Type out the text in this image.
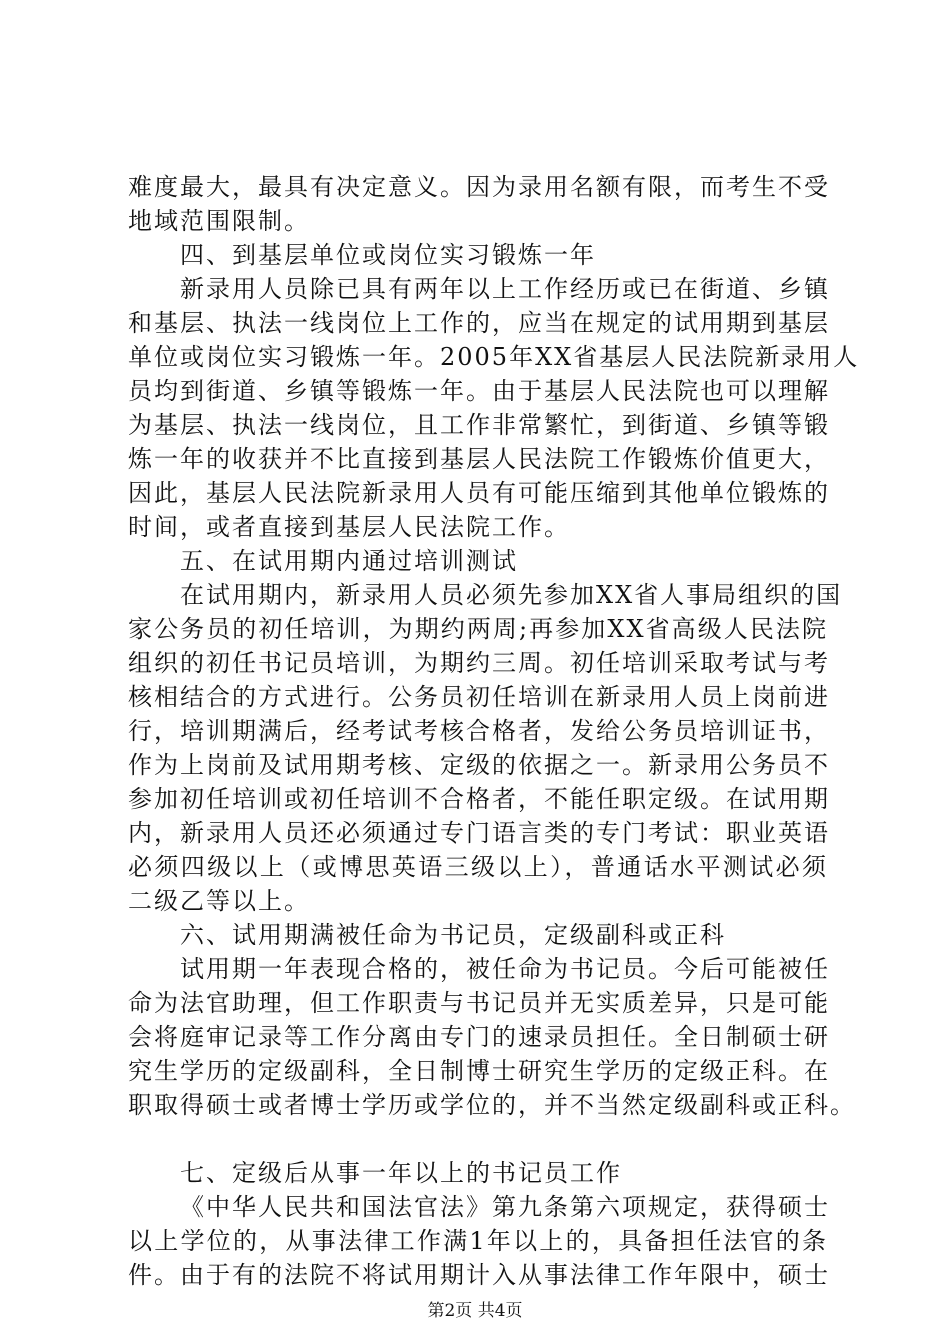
难度最大，最具有决定意义。因为录用名额有限，而考生不受
地域范围限制。
四、到基层单位或岗位实习锻炼一年
新录用人员除已具有两年以上工作经历或已在街道、乡镇
和基层、执法一线岗位上工作的，应当在规定的试用期到基层
单位或岗位实习锻炼一年。2005年XX省基层人民法院新录用人
员均到街道、乡镇等锻炼一年。由于基层人民法院也可以理解
为基层、执法一线岗位，且工作非常繁忙，到街道、乡镇等锻
炼一年的收获并不比直接到基层人民法院工作锻炼价值更大，
因此，基层人民法院新录用人员有可能压缩到其他单位锻炼的
时间，或者直接到基层人民法院工作。
五、在试用期内通过培训测试
在试用期内，新录用人员必须先参加XX省人事局组织的国
家公务员的初任培训，为期约两周;再参加XX省高级人民法院
组织的初任书记员培训，为期约三周。初任培训采取考试与考
核相结合的方式进行。公务员初任培训在新录用人员上岗前进
行，培训期满后，经考试考核合格者，发给公务员培训证书，
作为上岗前及试用期考核、定级的依据之一。新录用公务员不
参加初任培训或初任培训不合格者，不能任职定级。在试用期
内，新录用人员还必须通过专门语言类的专门考试：职业英语
必须四级以上（或博思英语三级以上），普通话水平测试必须
二级乙等以上。
六、试用期满被任命为书记员，定级副科或正科
试用期一年表现合格的，被任命为书记员。今后可能被任
命为法官助理，但工作职责与书记员并无实质差异，只是可能
会将庭审记录等工作分离由专门的速录员担任。全日制硕士研
究生学历的定级副科，全日制博士研究生学历的定级正科。在
职取得硕士或者博士学历或学位的，并不当然定级副科或正科。
七、定级后从事一年以上的书记员工作
《中华人民共和国法官法》第九条第六项规定，获得硕士
以上学位的，从事法律工作满1年以上的，具备担任法官的条
件。由于有的法院不将试用期计入从事法律工作年限中，硕士
第2页 共4页
